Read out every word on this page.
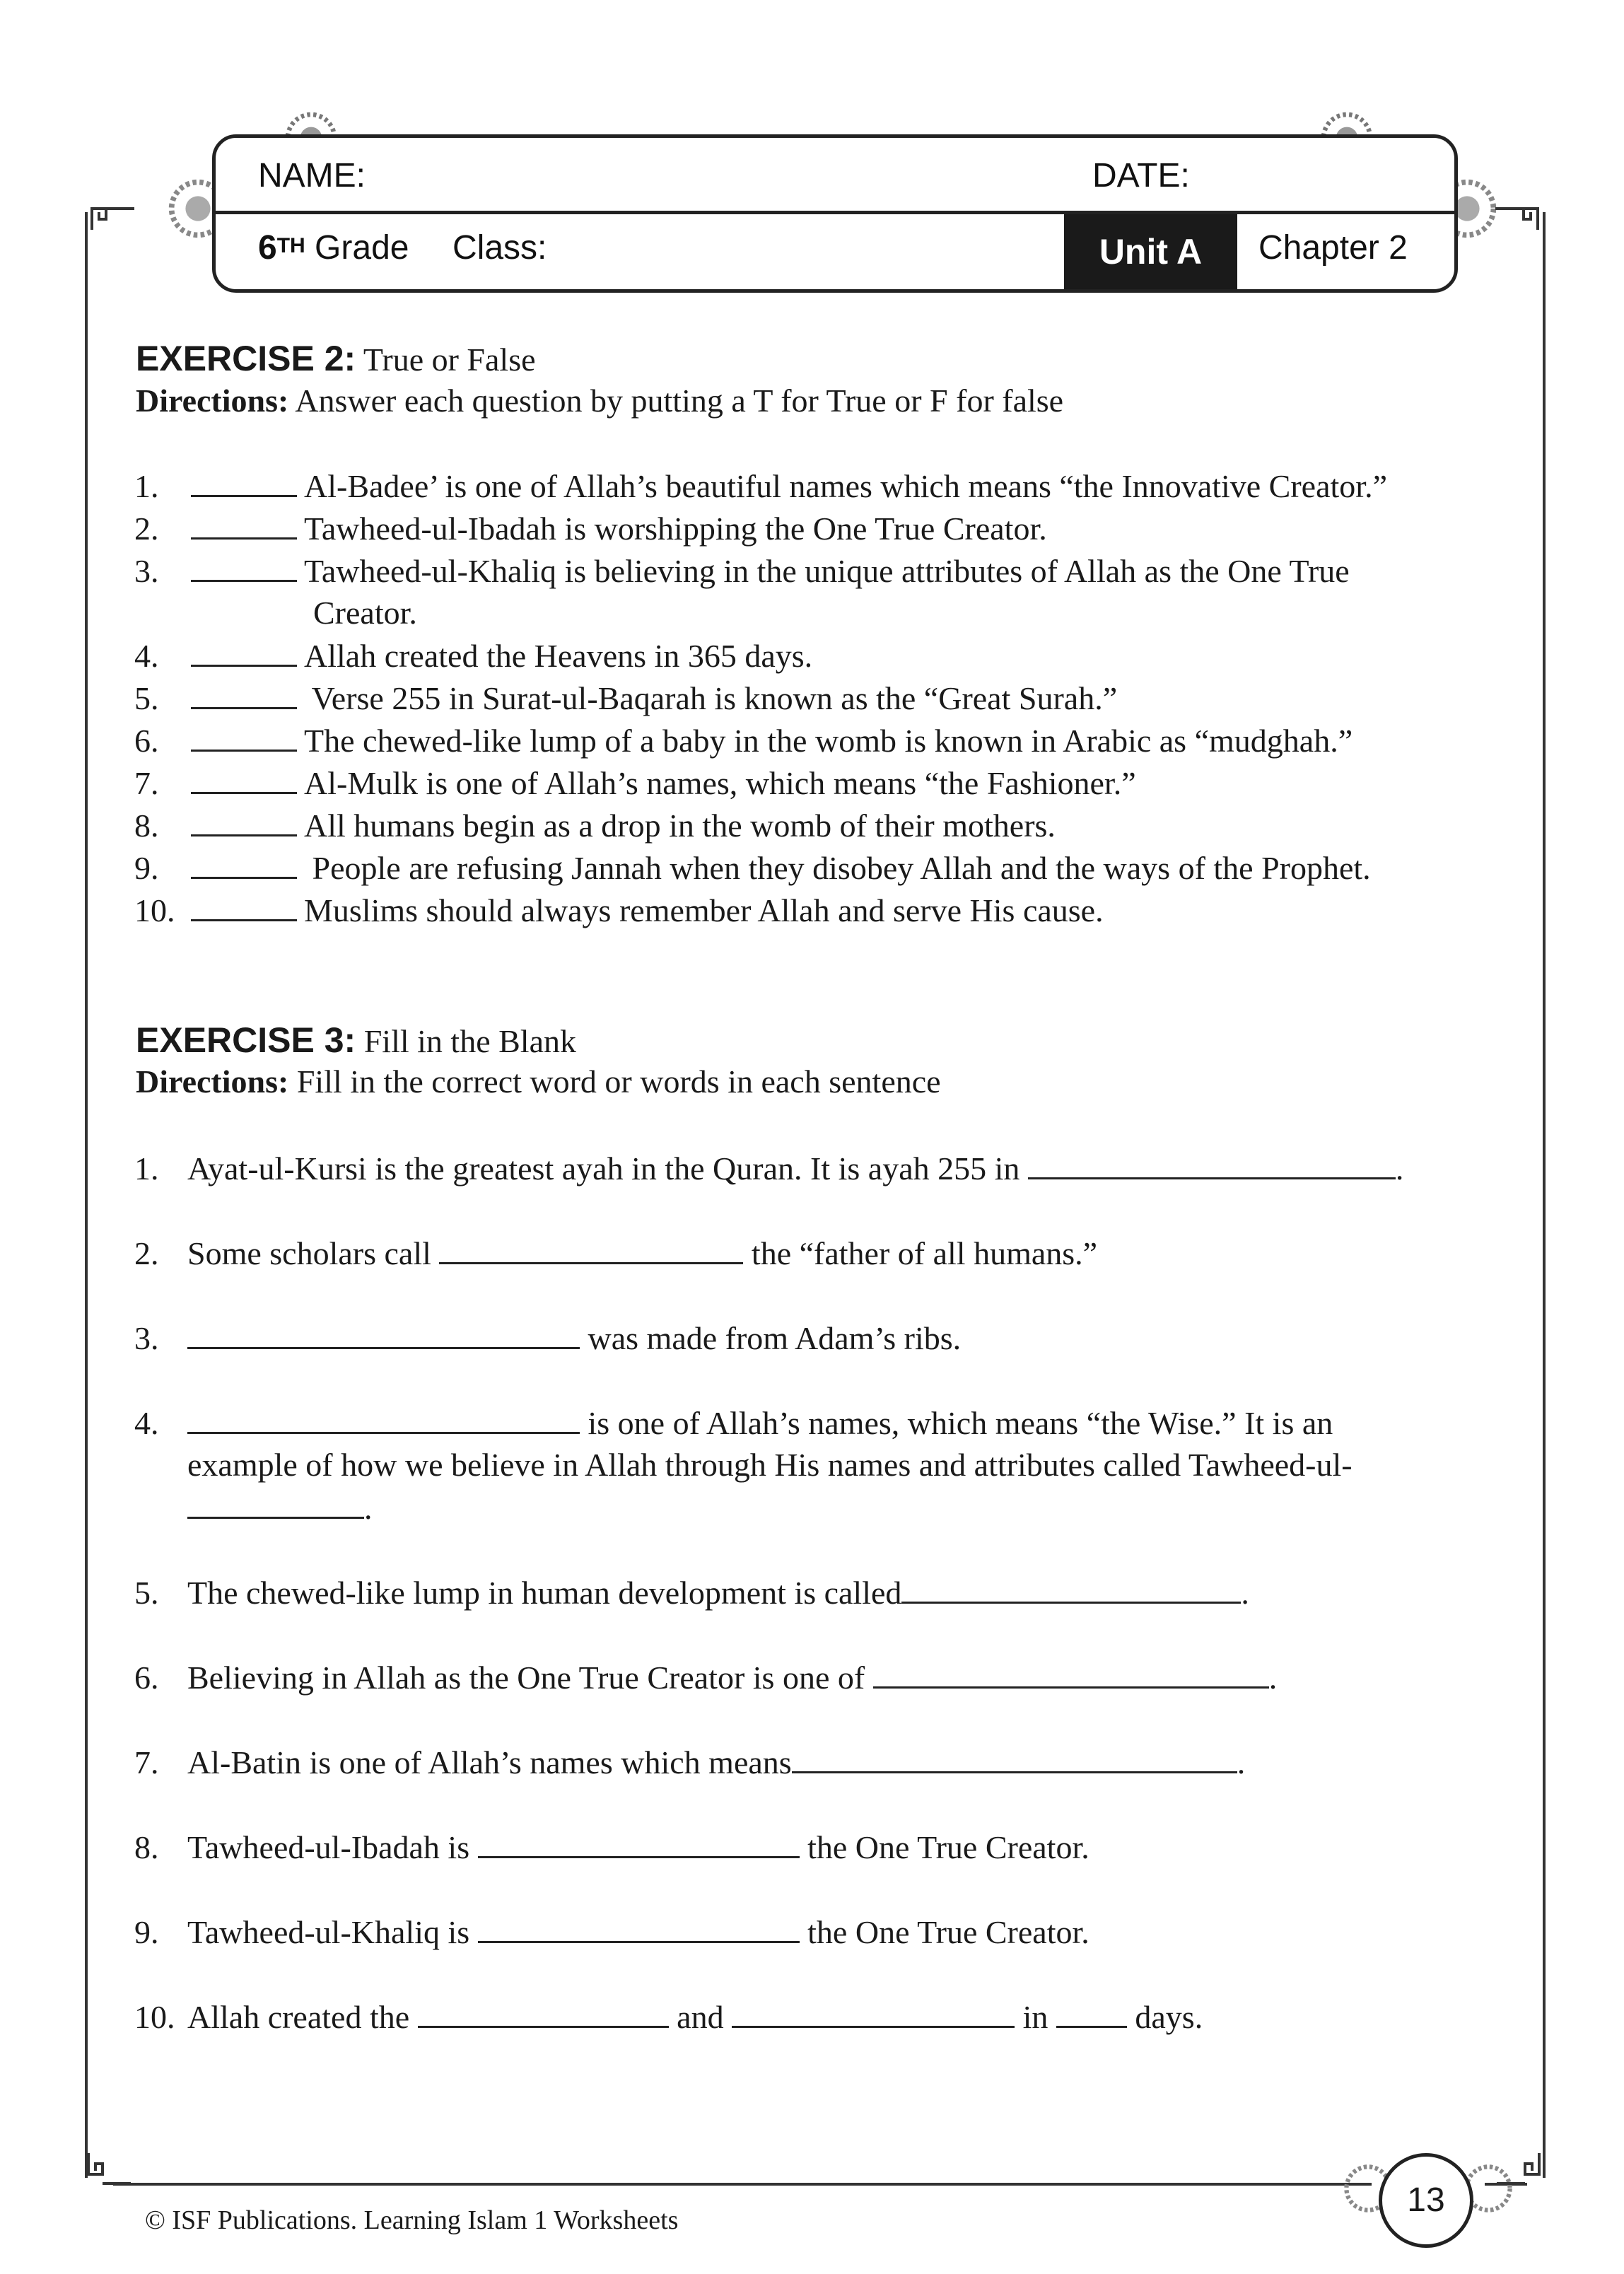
NAME:	DATE:
6TH Grade Class:	Unit A	Chapter 2
EXERCISE 2: True or False
Directions: Answer each question by putting a T for True or F for false
1.	Al-Badee’ is one of Allah’s beautiful names which means “the Innovative Creator.”
2.	Tawheed-ul-Ibadah is worshipping the One True Creator.
3.	Tawheed-ul-Khaliq is believing in the unique attributes of Allah as the One True
Creator.
4.	Allah created the Heavens in 365 days.
5.	Verse 255 in Surat-ul-Baqarah is known as the “Great Surah.”
6.	The chewed-like lump of a baby in the womb is known in Arabic as “mudghah.”
7.	Al-Mulk is one of Allah’s names, which means “the Fashioner.”
8.	All humans begin as a drop in the womb of their mothers.
9.	People are refusing Jannah when they disobey Allah and the ways of the Prophet.
10.	Muslims should always remember Allah and serve His cause.
EXERCISE 3: Fill in the Blank
Directions: Fill in the correct word or words in each sentence
1. Ayat-ul-Kursi is the greatest ayah in the Quran. It is ayah 255 in	.
2. Some scholars call	the “father of all humans.”
3.	was made from Adam’s ribs.
4.	is one of Allah’s names, which means “the Wise.” It is an
example of how we believe in Allah through His names and attributes called Tawheed-ul-
.
5. The chewed-like lump in human development is called	.
6. Believing in Allah as the One True Creator is one of	.
7. Al-Batin is one of Allah’s names which means	.
8. Tawheed-ul-Ibadah is	the One True Creator.
9. Tawheed-ul-Khaliq is	the One True Creator.
10. Allah created the	and	in	days.
© ISF Publications. Learning Islam 1 Worksheets
13
